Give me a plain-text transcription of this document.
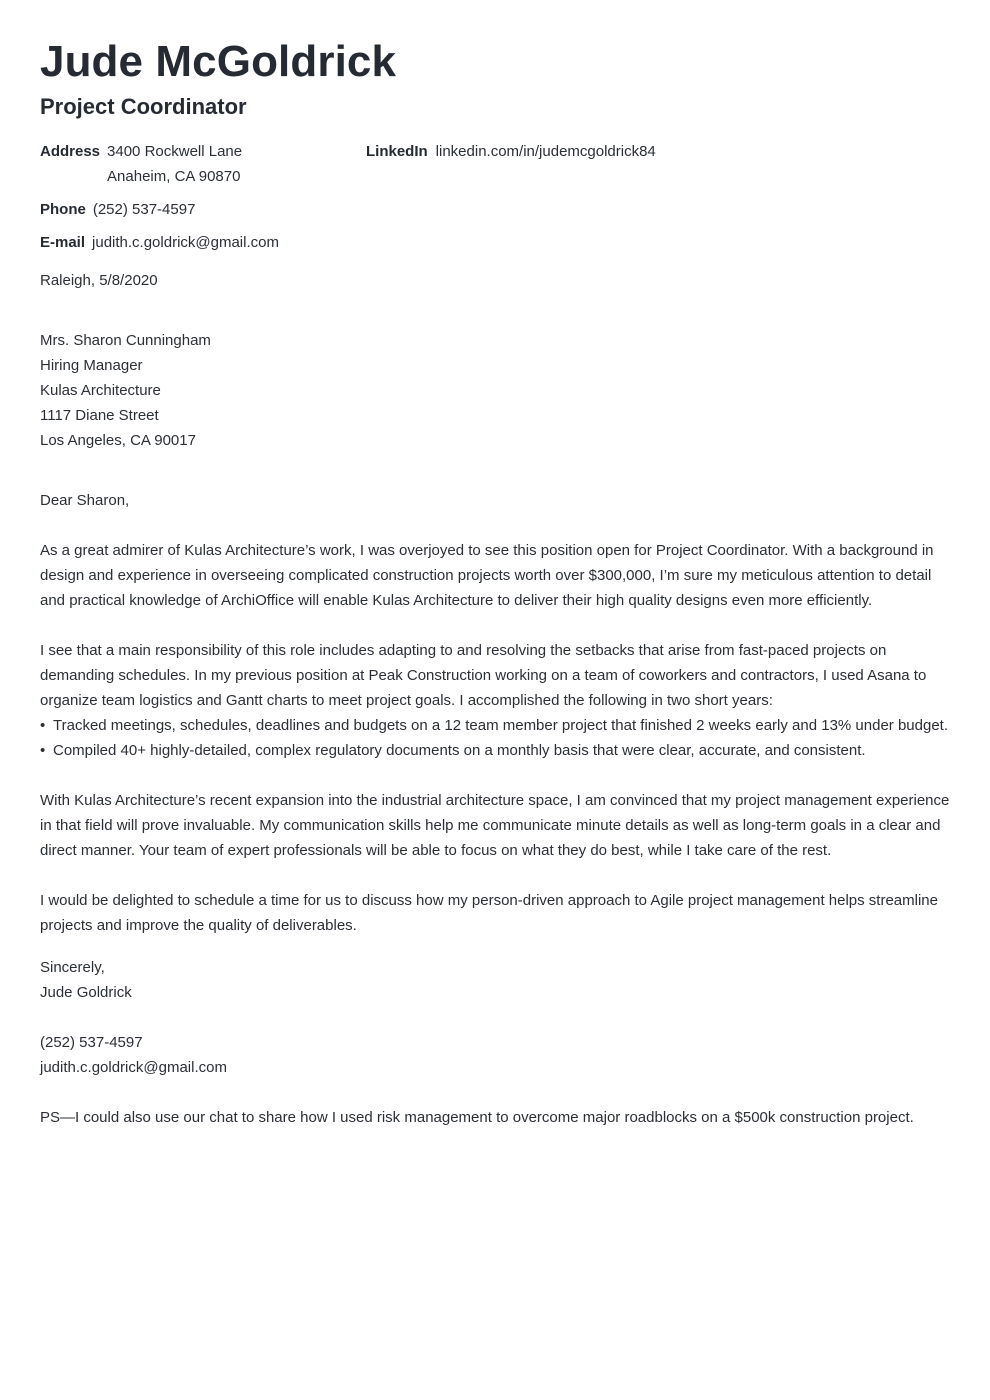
Jude McGoldrick
Project Coordinator
Address 3400 Rockwell Lane
Anaheim, CA 90870
LinkedIn linkedin.com/in/judemcgoldrick84
Phone (252) 537-4597
E-mail judith.c.goldrick@gmail.com
Raleigh, 5/8/2020
Mrs. Sharon Cunningham
Hiring Manager
Kulas Architecture
1117 Diane Street
Los Angeles, CA 90017
Dear Sharon,

As a great admirer of Kulas Architecture’s work, I was overjoyed to see this position open for Project Coordinator. With a background in design and experience in overseeing complicated construction projects worth over $300,000, I’m sure my meticulous attention to detail and practical knowledge of ArchiOffice will enable Kulas Architecture to deliver their high quality designs even more efficiently.

I see that a main responsibility of this role includes adapting to and resolving the setbacks that arise from fast-paced projects on demanding schedules. In my previous position at Peak Construction working on a team of coworkers and contractors, I used Asana to organize team logistics and Gantt charts to meet project goals. I accomplished the following in two short years:

• Tracked meetings, schedules, deadlines and budgets on a 12 team member project that finished 2 weeks early and 13% under budget.
• Compiled 40+ highly-detailed, complex regulatory documents on a monthly basis that were clear, accurate, and consistent.

With Kulas Architecture’s recent expansion into the industrial architecture space, I am convinced that my project management experience in that field will prove invaluable. My communication skills help me communicate minute details as well as long-term goals in a clear and direct manner. Your team of expert professionals will be able to focus on what they do best, while I take care of the rest.

I would be delighted to schedule a time for us to discuss how my person-driven approach to Agile project management helps streamline projects and improve the quality of deliverables.

Sincerely,
Jude Goldrick
(252) 537-4597
judith.c.goldrick@gmail.com
PS—I could also use our chat to share how I used risk management to overcome major roadblocks on a $500k construction project.
